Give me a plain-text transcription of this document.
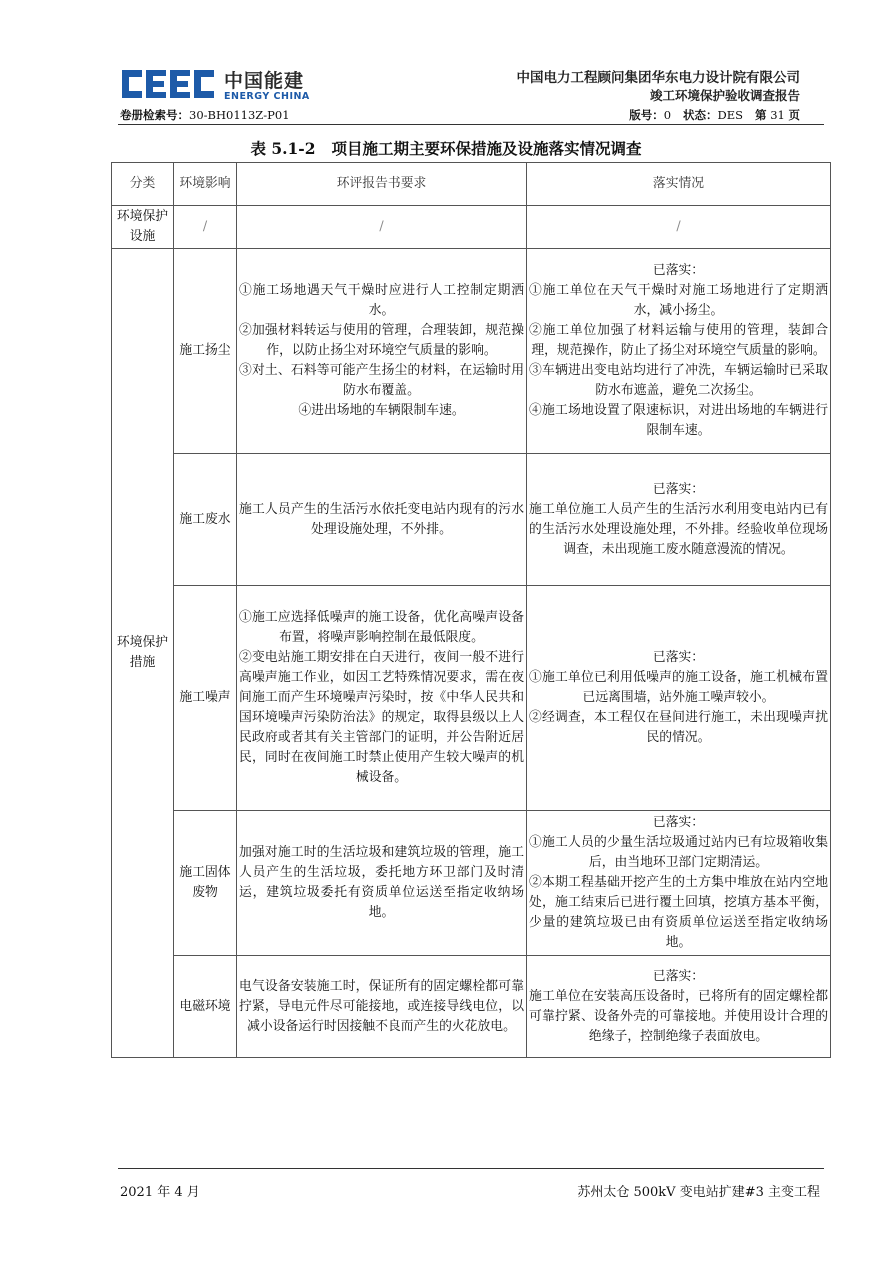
中国能建
ENERGY CHINA
中国电力工程顾问集团华东电力设计院有限公司
竣工环境保护验收调查报告
卷册检索号：30-BH0113Z-P01	版号：0 状态：DES 第 31 页
表 5.1-2 项目施工期主要环保措施及设施落实情况调查
分类	环境影响	环评报告书要求	落实情况
环境保护设施	/	/	/
环境保护措施	施工扬尘	①施工场地遇天气干燥时应进行人工控制定期洒水。
②加强材料转运与使用的管理，合理装卸，规范操作，以防止扬尘对环境空气质量的影响。
③对土、石料等可能产生扬尘的材料，在运输时用防水布覆盖。
④进出场地的车辆限制车速。	已落实：
①施工单位在天气干燥时对施工场地进行了定期洒水，减小扬尘。
②施工单位加强了材料运输与使用的管理，装卸合理，规范操作，防止了扬尘对环境空气质量的影响。
③车辆进出变电站均进行了冲洗，车辆运输时已采取防水布遮盖，避免二次扬尘。
④施工场地设置了限速标识，对进出场地的车辆进行限制车速。

	施工废水	施工人员产生的生活污水依托变电站内现有的污水处理设施处理，不外排。	已落实：
施工单位施工人员产生的生活污水利用变电站内已有的生活污水处理设施处理，不外排。经验收单位现场调查，未出现施工废水随意漫流的情况。

	施工噪声	①施工应选择低噪声的施工设备，优化高噪声设备布置，将噪声影响控制在最低限度。
②变电站施工期安排在白天进行，夜间一般不进行高噪声施工作业，如因工艺特殊情况要求，需在夜间施工而产生环境噪声污染时，按《中华人民共和国环境噪声污染防治法》的规定，取得县级以上人民政府或者其有关主管部门的证明，并公告附近居民，同时在夜间施工时禁止使用产生较大噪声的机械设备。	已落实：
①施工单位已利用低噪声的施工设备，施工机械布置已远离围墙，站外施工噪声较小。
②经调查，本工程仅在昼间进行施工，未出现噪声扰民的情况。

	施工固体废物	加强对施工时的生活垃圾和建筑垃圾的管理，施工人员产生的生活垃圾，委托地方环卫部门及时清运，建筑垃圾委托有资质单位运送至指定收纳场地。	已落实：
①施工人员的少量生活垃圾通过站内已有垃圾箱收集后，由当地环卫部门定期清运。
②本期工程基础开挖产生的土方集中堆放在站内空地处，施工结束后已进行覆土回填，挖填方基本平衡，少量的建筑垃圾已由有资质单位运送至指定收纳场地。

	电磁环境	电气设备安装施工时，保证所有的固定螺栓都可靠拧紧，导电元件尽可能接地，或连接导线电位，以减小设备运行时因接触不良而产生的火花放电。	已落实：
施工单位在安装高压设备时，已将所有的固定螺栓都可靠拧紧、设备外壳的可靠接地。并使用设计合理的绝缘子，控制绝缘子表面放电。
2021 年 4 月	苏州太仓 500kV 变电站扩建#3 主变工程
